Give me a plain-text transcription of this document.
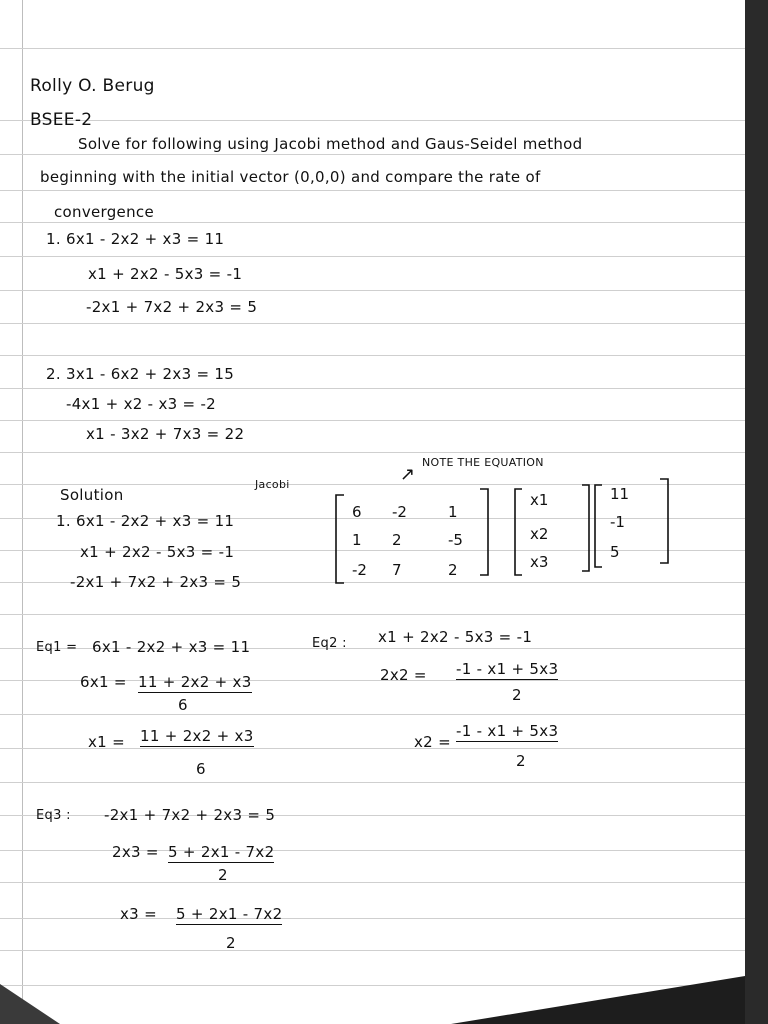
Rolly O. Berug
BSEE-2
Solve for following using Jacobi method and Gaus-Seidel method
beginning with the initial vector (0,0,0) and compare the rate of
convergence
1. 6x1 - 2x2 + x3 = 11
x1 + 2x2 - 5x3 = -1
-2x1 + 7x2 + 2x3 = 5
2. 3x1 - 6x2 + 2x3 = 15
-4x1 + x2 - x3 = -2
x1 - 3x2 + 7x3 = 22
↗
NOTE THE EQUATION
Solution
Jacobi
1. 6x1 - 2x2 + x3 = 11
x1 + 2x2 - 5x3 = -1
-2x1 + 7x2 + 2x3 = 5
6 -2	1
1 2	-5
-2 7	2
x1
x2
x3
11
-1
5
Eq1 = 6x1 - 2x2 + x3 = 11
6x1 = 11 + 2x2 + x3
6
x1 = 11 + 2x2 + x3
6
Eq2 : x1 + 2x2 - 5x3 = -1
2x2 = -1 - x1 + 5x3
2
x2 =
-1 - x1 + 5x3
2
Eq3 : -2x1 + 7x2 + 2x3 = 5
2x3 = 5 + 2x1 - 7x2
2
x3 = 5 + 2x1 - 7x2
2
